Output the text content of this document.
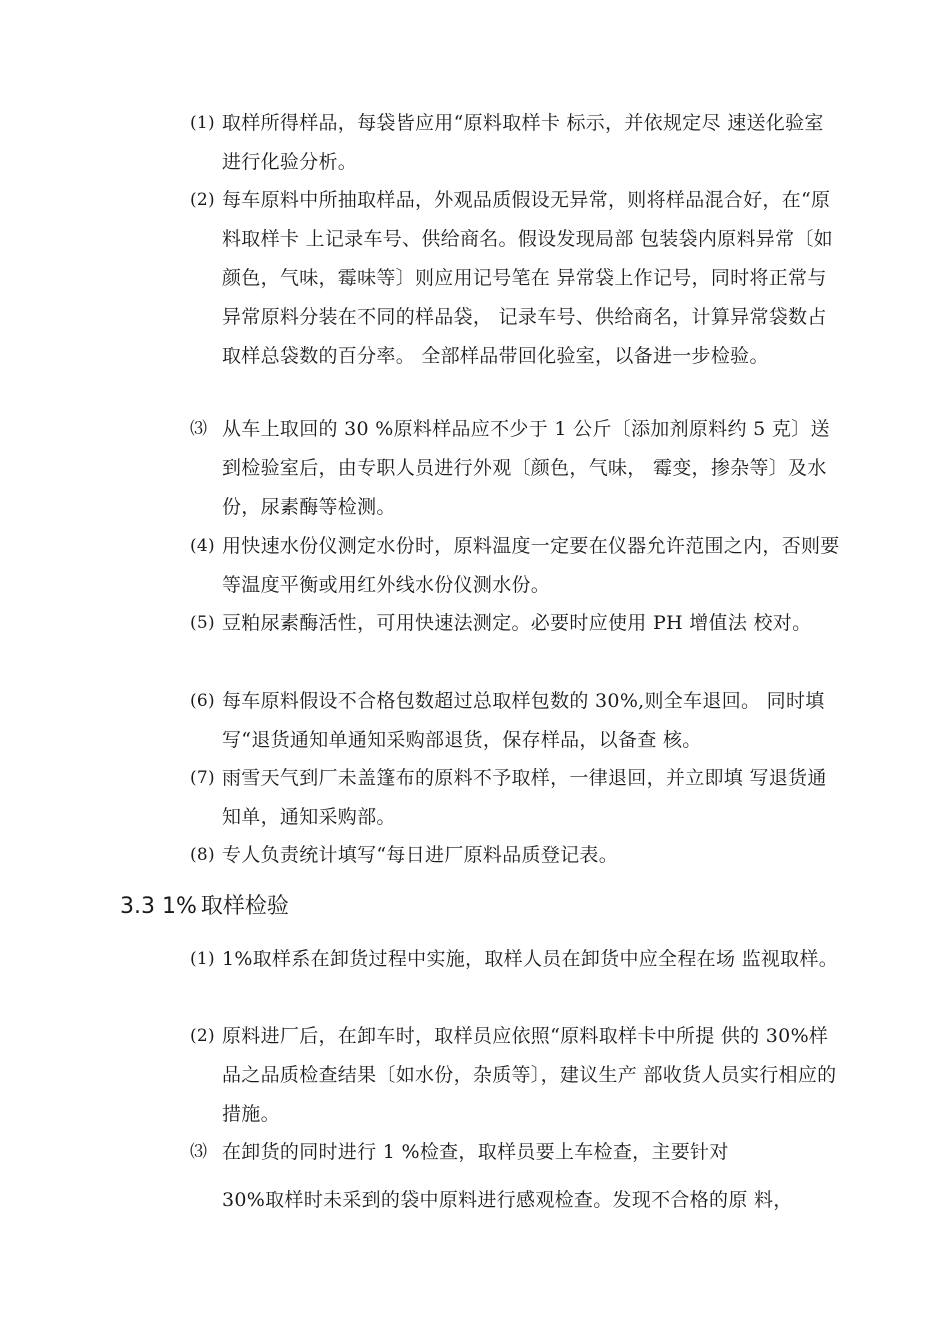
(1) 取样所得样品，每袋皆应用“原料取样卡 标示，并依规定尽 速送化验室进行化验分析。
(2) 每车原料中所抽取样品，外观品质假设无异常，则将样品混合好，在“原料取样卡 上记录车号、供给商名。假设发现局部 包装袋内原料异常〔如颜色，气味，霉味等〕则应用记号笔在 异常袋上作记号，同时将正常与异常原料分装在不同的样品袋， 记录车号、供给商名，计算异常袋数占取样总袋数的百分率。 全部样品带回化验室，以备进一步检验。
⑶ 从车上取回的 30 %原料样品应不少于 1 公斤〔添加剂原料约 5 克〕送到检验室后，由专职人员进行外观〔颜色，气味， 霉变，掺杂等〕及水份，尿素酶等检测。
(4) 用快速水份仪测定水份时，原料温度一定要在仪器允许范围之内，否则要等温度平衡或用红外线水份仪测水份。
(5) 豆粕尿素酶活性，可用快速法测定。必要时应使用 PH 增值法 校对。
(6) 每车原料假设不合格包数超过总取样包数的 30%,则全车退回。 同时填写“退货通知单通知采购部退货，保存样品，以备查 核。
(7) 雨雪天气到厂未盖篷布的原料不予取样，一律退回，并立即填 写退货通知单，通知采购部。
(8) 专人负责统计填写“每日进厂原料品质登记表。
3.3 1% 取样检验
(1) 1%取样系在卸货过程中实施，取样人员在卸货中应全程在场 监视取样。
(2) 原料进厂后，在卸车时，取样员应依照“原料取样卡中所提 供的 30%样品之品质检查结果〔如水份，杂质等〕，建议生产 部收货人员实行相应的措施。
⑶ 在卸货的同时进行 1 %检查，取样员要上车检查，主要针对
30%取样时未采到的袋中原料进行感观检查。发现不合格的原 料，
